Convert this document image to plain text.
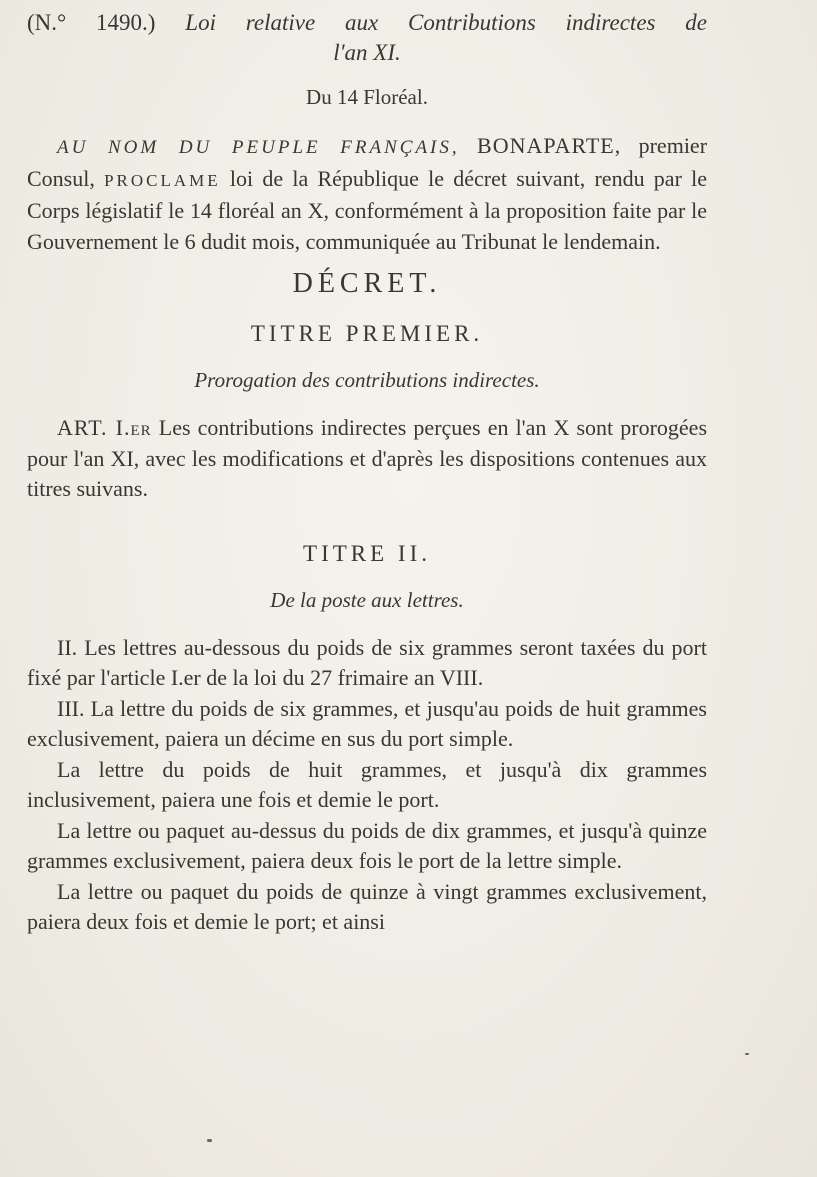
(N.° 1490.) Loi relative aux Contributions indirectes de
l'an XI.
Du 14 Floréal.

AU NOM DU PEUPLE FRANÇAIS, BONAPARTE, premier Consul, PROCLAME loi de la République le décret suivant, rendu par le Corps législatif le 14 floréal an X, conformément à la proposition faite par le Gouvernement le 6 dudit mois, communiquée au Tribunat le lendemain.

DÉCRET.
TITRE PREMIER.
Prorogation des contributions indirectes.

ART. I.er Les contributions indirectes perçues en l'an X sont prorogées pour l'an XI, avec les modifications et d'après les dispositions contenues aux titres suivans.

TITRE II.
De la poste aux lettres.

II. Les lettres au-dessous du poids de six grammes seront taxées du port fixé par l'article I.er de la loi du 27 frimaire an VIII.

III. La lettre du poids de six grammes, et jusqu'au poids de huit grammes exclusivement, paiera un décime en sus du port simple.

La lettre du poids de huit grammes, et jusqu'à dix grammes inclusivement, paiera une fois et demie le port.

La lettre ou paquet au-dessus du poids de dix grammes, et jusqu'à quinze grammes exclusivement, paiera deux fois le port de la lettre simple.

La lettre ou paquet du poids de quinze à vingt grammes exclusivement, paiera deux fois et demie le port; et ainsi
